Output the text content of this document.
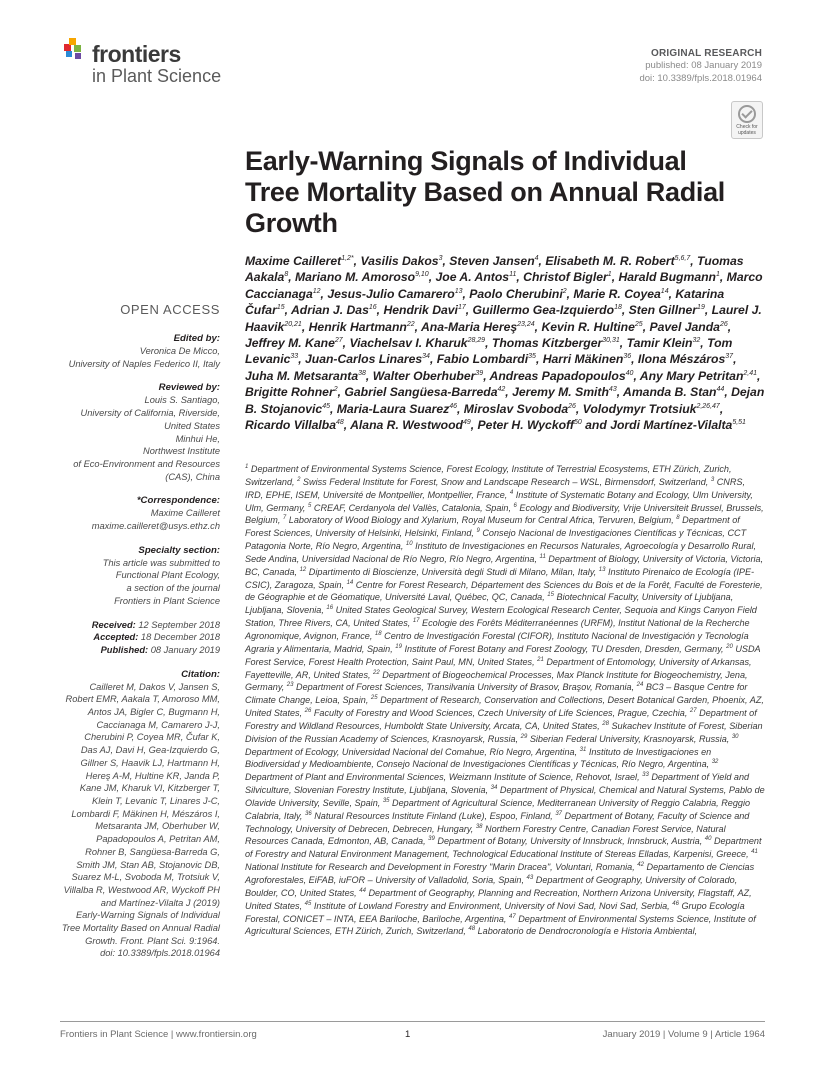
frontiers
in Plant Science
ORIGINAL RESEARCH
published: 08 January 2019
doi: 10.3389/fpls.2018.01964
Check for updates
Early-Warning Signals of Individual Tree Mortality Based on Annual Radial Growth
Maxime Cailleret$^{1,2*}$, Vasilis Dakos$^3$, Steven Jansen$^4$, Elisabeth M. R. Robert$^{5,6,7}$, Tuomas Aakala$^8$, Mariano M. Amoroso$^{9,10}$, Joe A. Antos$^{11}$, Christof Bigler$^1$, Harald Bugmann$^1$, Marco Caccianaga$^{12}$, Jesus-Julio Camarero$^{13}$, Paolo Cherubini$^2$, Marie R. Coyea$^{14}$, Katarina Čufar$^{15}$, Adrian J. Das$^{16}$, Hendrik Davi$^{17}$, Guillermo Gea-Izquierdo$^{18}$, Sten Gillner$^{19}$, Laurel J. Haavik$^{20,21}$, Henrik Hartmann$^{22}$, Ana-Maria Hereş$^{23,24}$, Kevin R. Hultine$^{25}$, Pavel Janda$^{26}$, Jeffrey M. Kane$^{27}$, Viachelsav I. Kharuk$^{28,29}$, Thomas Kitzberger$^{30,31}$, Tamir Klein$^{32}$, Tom Levanic$^{33}$, Juan-Carlos Linares$^{34}$, Fabio Lombardi$^{35}$, Harri Mäkinen$^{36}$, Ilona Mészáros$^{37}$, Juha M. Metsaranta$^{38}$, Walter Oberhuber$^{39}$, Andreas Papadopoulos$^{40}$, Any Mary Petritan$^{2,41}$, Brigitte Rohner$^2$, Gabriel Sangüesa-Barreda$^{42}$, Jeremy M. Smith$^{43}$, Amanda B. Stan$^{44}$, Dejan B. Stojanovic$^{45}$, Maria-Laura Suarez$^{46}$, Miroslav Svoboda$^{26}$, Volodymyr Trotsiuk$^{2,26,47}$, Ricardo Villalba$^{48}$, Alana R. Westwood$^{49}$, Peter H. Wyckoff$^{50}$ and Jordi Martínez-Vilalta$^{5,51}$
$^1$ Department of Environmental Systems Science, Forest Ecology, Institute of Terrestrial Ecosystems, ETH Zürich, Zurich, Switzerland, $^2$ Swiss Federal Institute for Forest, Snow and Landscape Research – WSL, Birmensdorf, Switzerland, $^3$ CNRS, IRD, EPHE, ISEM, Université de Montpellier, Montpellier, France, $^4$ Institute of Systematic Botany and Ecology, Ulm University, Ulm, Germany, $^5$ CREAF, Cerdanyola del Vallès, Catalonia, Spain, $^6$ Ecology and Biodiversity, Vrije Universiteit Brussel, Brussels, Belgium, $^7$ Laboratory of Wood Biology and Xylarium, Royal Museum for Central Africa, Tervuren, Belgium, $^8$ Department of Forest Sciences, University of Helsinki, Helsinki, Finland, $^9$ Consejo Nacional de Investigaciones Científicas y Técnicas, CCT Patagonia Norte, Río Negro, Argentina, $^{10}$ Instituto de Investigaciones en Recursos Naturales, Agroecología y Desarrollo Rural, Sede Andina, Universidad Nacional de Río Negro, Río Negro, Argentina, $^{11}$ Department of Biology, University of Victoria, Victoria, BC, Canada, $^{12}$ Dipartimento di Bioscienze, Università degli Studi di Milano, Milan, Italy, $^{13}$ Instituto Pirenaico de Ecología (IPE-CSIC), Zaragoza, Spain, $^{14}$ Centre for Forest Research, Département des Sciences du Bois et de la Forêt, Faculté de Foresterie, de Géographie et de Géomatique, Université Laval, Québec, QC, Canada, $^{15}$ Biotechnical Faculty, University of Ljubljana, Ljubljana, Slovenia, $^{16}$ United States Geological Survey, Western Ecological Research Center, Sequoia and Kings Canyon Field Station, Three Rivers, CA, United States, $^{17}$ Ecologie des Forêts Méditerranéennes (URFM), Institut National de la Recherche Agronomique, Avignon, France, $^{18}$ Centro de Investigación Forestal (CIFOR), Instituto Nacional de Investigación y Tecnología Agraria y Alimentaria, Madrid, Spain, $^{19}$ Institute of Forest Botany and Forest Zoology, TU Dresden, Dresden, Germany, $^{20}$ USDA Forest Service, Forest Health Protection, Saint Paul, MN, United States, $^{21}$ Department of Entomology, University of Arkansas, Fayetteville, AR, United States, $^{22}$ Department of Biogeochemical Processes, Max Planck Institute for Biogeochemistry, Jena, Germany, $^{23}$ Department of Forest Sciences, Transilvania University of Brasov, Braşov, Romania, $^{24}$ BC3 – Basque Centre for Climate Change, Leioa, Spain, $^{25}$ Department of Research, Conservation and Collections, Desert Botanical Garden, Phoenix, AZ, United States, $^{26}$ Faculty of Forestry and Wood Sciences, Czech University of Life Sciences, Prague, Czechia, $^{27}$ Department of Forestry and Wildland Resources, Humboldt State University, Arcata, CA, United States, $^{28}$ Sukachev Institute of Forest, Siberian Division of the Russian Academy of Sciences, Krasnoyarsk, Russia, $^{29}$ Siberian Federal University, Krasnoyarsk, Russia, $^{30}$ Department of Ecology, Universidad Nacional del Comahue, Río Negro, Argentina, $^{31}$ Instituto de Investigaciones en Biodiversidad y Medioambiente, Consejo Nacional de Investigaciones Científicas y Técnicas, Río Negro, Argentina, $^{32}$ Department of Plant and Environmental Sciences, Weizmann Institute of Science, Rehovot, Israel, $^{33}$ Department of Yield and Silviculture, Slovenian Forestry Institute, Ljubljana, Slovenia, $^{34}$ Department of Physical, Chemical and Natural Systems, Pablo de Olavide University, Seville, Spain, $^{35}$ Department of Agricultural Science, Mediterranean University of Reggio Calabria, Reggio Calabria, Italy, $^{36}$ Natural Resources Institute Finland (Luke), Espoo, Finland, $^{37}$ Department of Botany, Faculty of Science and Technology, University of Debrecen, Debrecen, Hungary, $^{38}$ Northern Forestry Centre, Canadian Forest Service, Natural Resources Canada, Edmonton, AB, Canada, $^{39}$ Department of Botany, University of Innsbruck, Innsbruck, Austria, $^{40}$ Department of Forestry and Natural Environment Management, Technological Educational Institute of Stereas Elladas, Karpenisi, Greece, $^{41}$ National Institute for Research and Development in Forestry "Marin Dracea", Voluntari, Romania, $^{42}$ Departamento de Ciencias Agroforestales, EiFAB, iuFOR – University of Valladolid, Soria, Spain, $^{43}$ Department of Geography, University of Colorado, Boulder, CO, United States, $^{44}$ Department of Geography, Planning and Recreation, Northern Arizona University, Flagstaff, AZ, United States, $^{45}$ Institute of Lowland Forestry and Environment, University of Novi Sad, Novi Sad, Serbia, $^{46}$ Grupo Ecología Forestal, CONICET – INTA, EEA Bariloche, Bariloche, Argentina, $^{47}$ Department of Environmental Systems Science, Institute of Agricultural Sciences, ETH Zürich, Zurich, Switzerland, $^{48}$ Laboratorio de Dendrocronología e Historia Ambiental,
OPEN ACCESS
Edited by:
Veronica De Micco,
University of Naples Federico II, Italy
Reviewed by:
Louis S. Santiago,
University of California, Riverside,
United States
Minhui He,
Northwest Institute
of Eco-Environment and Resources
(CAS), China
*Correspondence:
Maxime Cailleret
maxime.cailleret@usys.ethz.ch
Specialty section:
This article was submitted to
Functional Plant Ecology,
a section of the journal
Frontiers in Plant Science
Received: 12 September 2018
Accepted: 18 December 2018
Published: 08 January 2019
Citation:
Cailleret M, Dakos V, Jansen S,
Robert EMR, Aakala T, Amoroso MM,
Antos JA, Bigler C, Bugmann H,
Caccianaga M, Camarero J-J,
Cherubini P, Coyea MR, Čufar K,
Das AJ, Davi H, Gea-Izquierdo G,
Gillner S, Haavik LJ, Hartmann H,
Hereş A-M, Hultine KR, Janda P,
Kane JM, Kharuk VI, Kitzberger T,
Klein T, Levanic T, Linares J-C,
Lombardi F, Mäkinen H, Mészáros I,
Metsaranta JM, Oberhuber W,
Papadopoulos A, Petritan AM,
Rohner B, Sangüesa-Barreda G,
Smith JM, Stan AB, Stojanovic DB,
Suarez M-L, Svoboda M, Trotsiuk V,
Villalba R, Westwood AR, Wyckoff PH
and Martínez-Vilalta J (2019)
Early-Warning Signals of Individual
Tree Mortality Based on Annual Radial
Growth. Front. Plant Sci. 9:1964.
doi: 10.3389/fpls.2018.01964
Frontiers in Plant Science | www.frontiersin.org	1	January 2019 | Volume 9 | Article 1964
